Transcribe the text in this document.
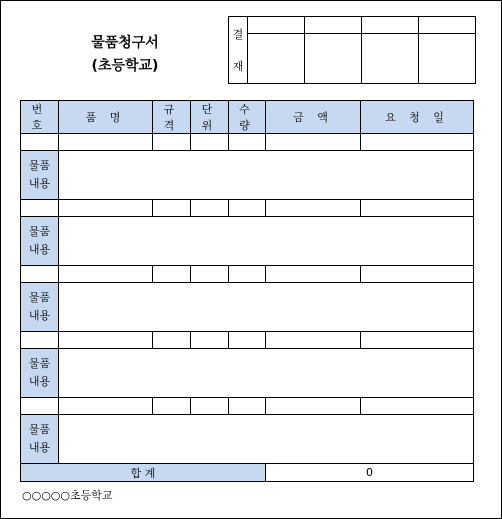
물품청구서
(초등학교)
결
재				

번 호	품 명	규 격	단 위	수 량	금 액	요 청 일

물품
내용						

물품
내용						

물품
내용						

물품
내용						

물품
내용						
합 계					0	
○○○○○초등학교
